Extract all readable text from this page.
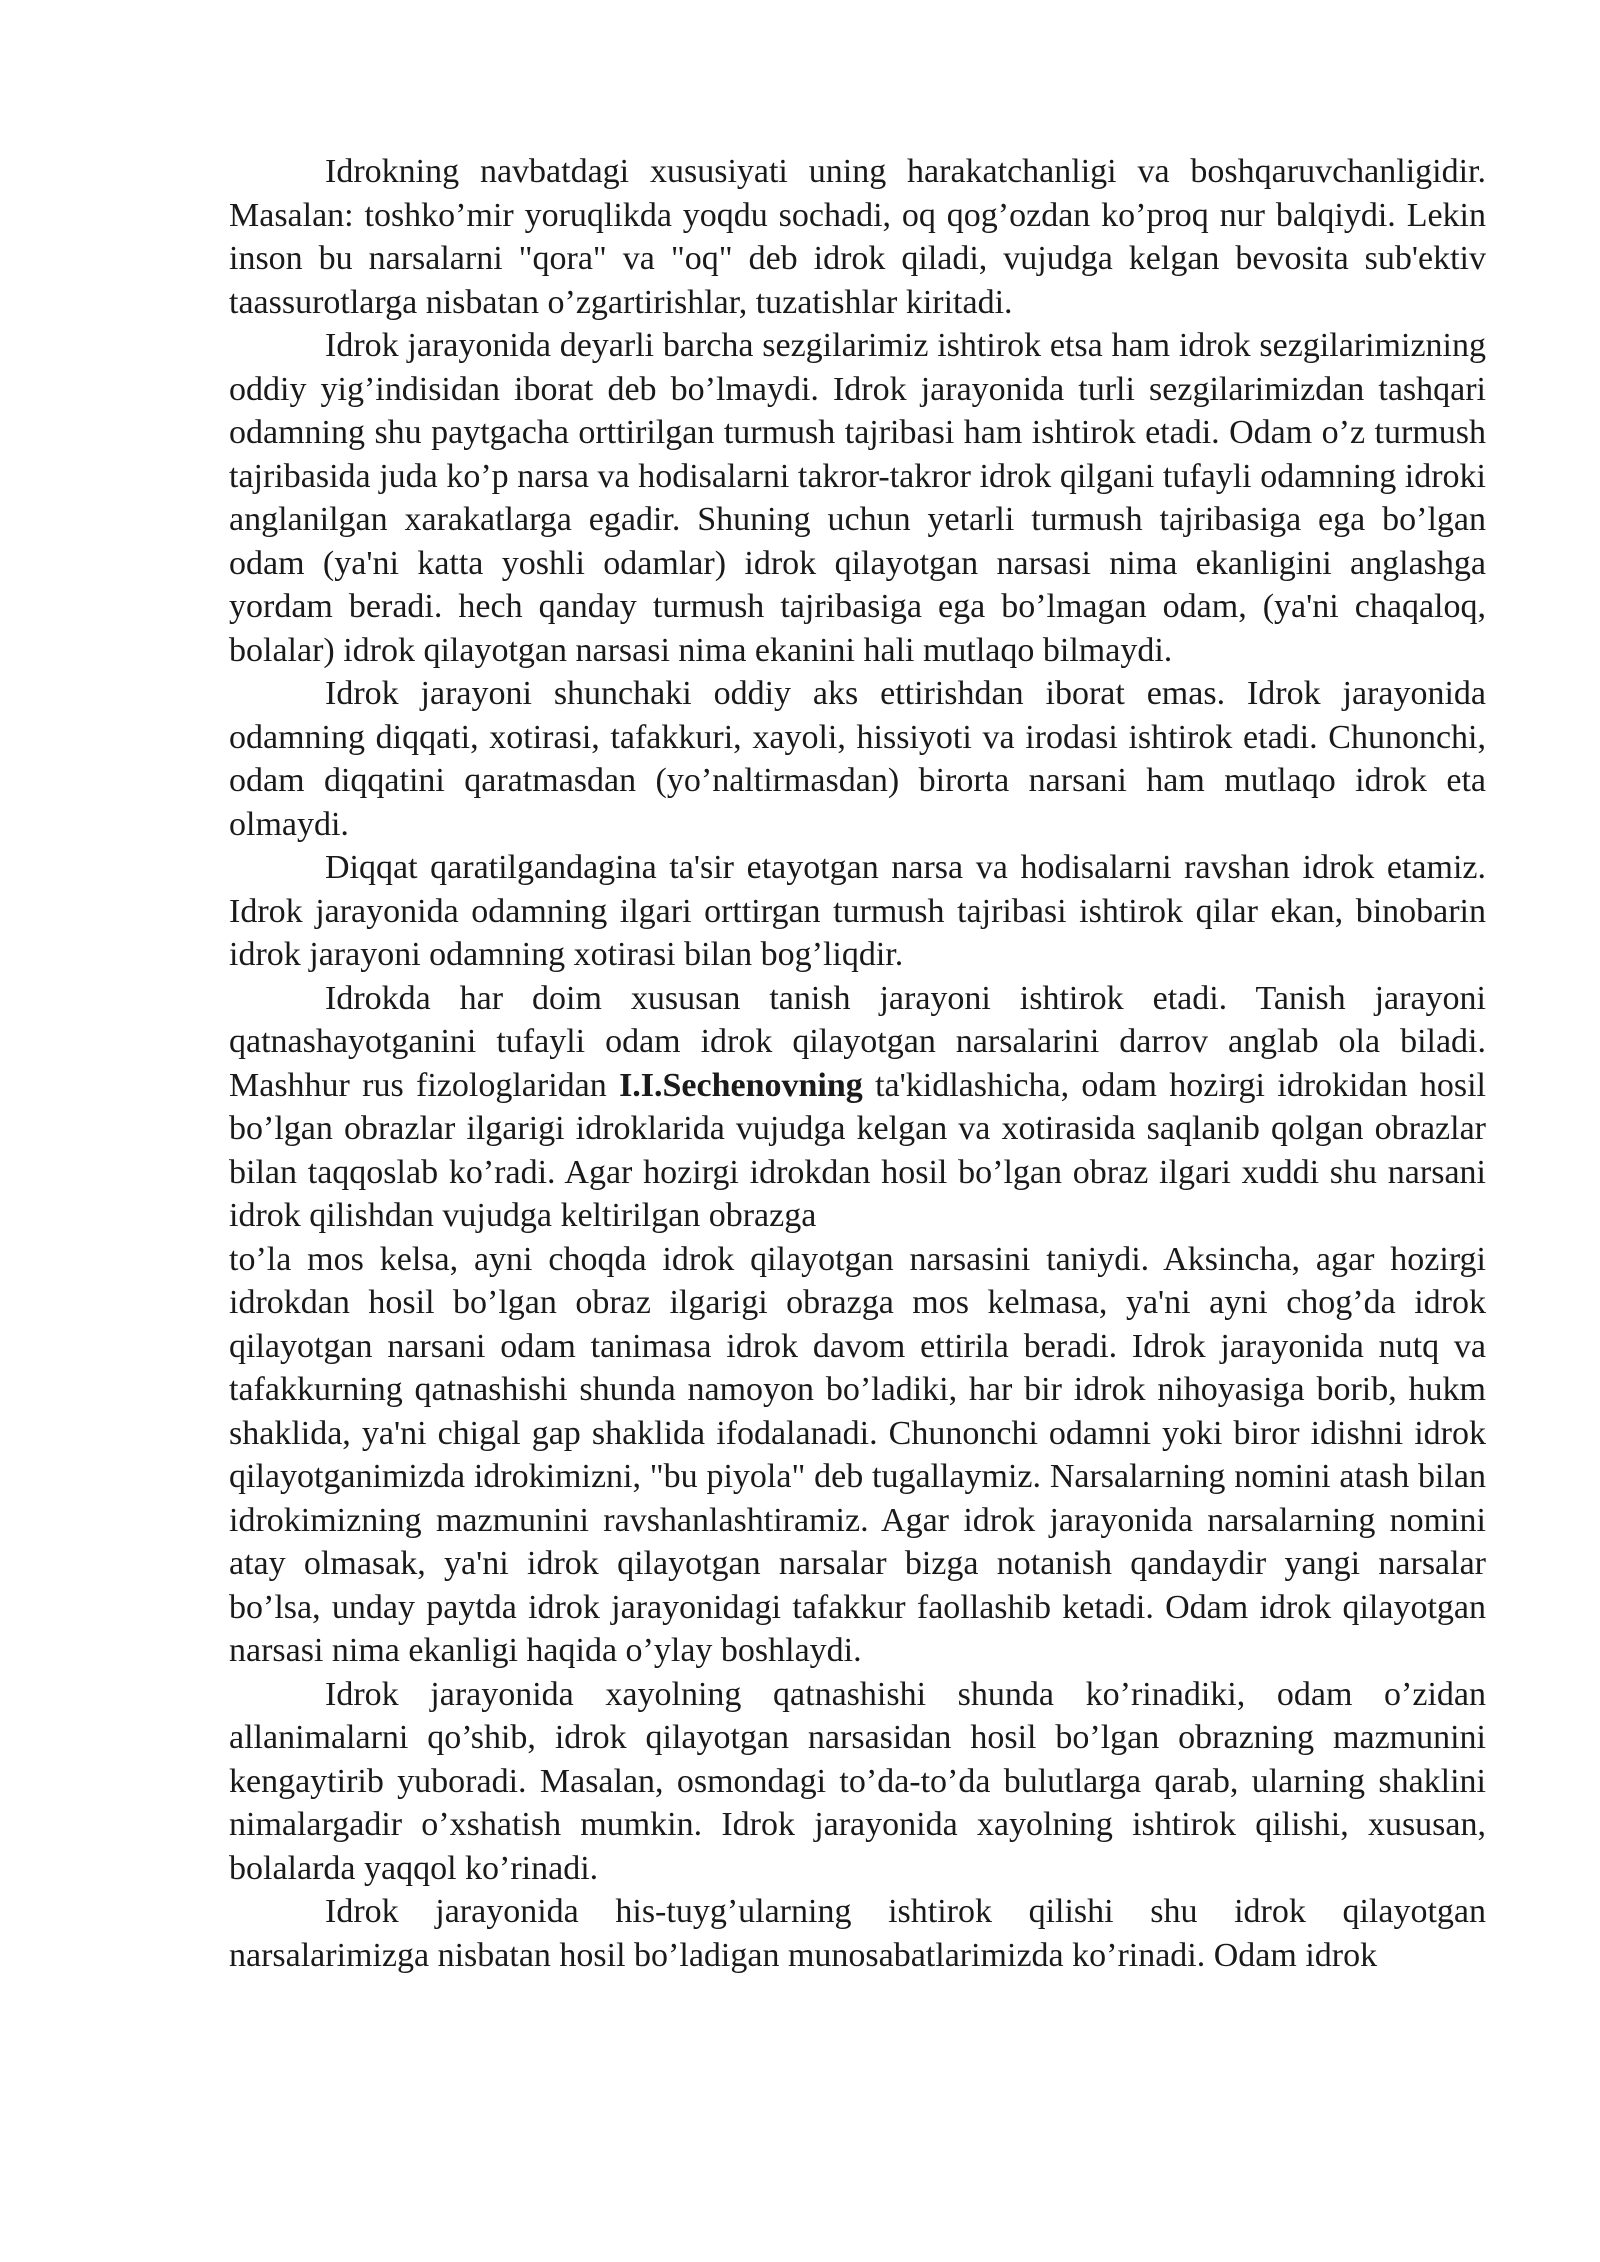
Idrokning navbatdagi xususiyati uning harakatchanligi va boshqaruvchanligidir. Masalan: toshko’mir yoruqlikda yoqdu sochadi, oq qog’ozdan ko’proq nur balqiydi. Lekin inson bu narsalarni "qora" va "oq" deb idrok qiladi, vujudga kelgan bevosita sub'ektiv taassurotlarga nisbatan o’zgartirishlar, tuzatishlar kiritadi.

Idrok jarayonida deyarli barcha sezgilarimiz ishtirok etsa ham idrok sezgilarimizning oddiy yig’indisidan iborat deb bo’lmaydi. Idrok jarayonida turli sezgilarimizdan tashqari odamning shu paytgacha orttirilgan turmush tajribasi ham ishtirok etadi. Odam o’z turmush tajribasida juda ko’p narsa va hodisalarni takror-takror idrok qilgani tufayli odamning idroki anglanilgan xarakatlarga egadir. Shuning uchun yetarli turmush tajribasiga ega bo’lgan odam (ya'ni katta yoshli odamlar) idrok qilayotgan narsasi nima ekanligini anglashga yordam beradi. hech qanday turmush tajribasiga ega bo’lmagan odam, (ya'ni chaqaloq, bolalar) idrok qilayotgan narsasi nima ekanini hali mutlaqo bilmaydi.

Idrok jarayoni shunchaki oddiy aks ettirishdan iborat emas. Idrok jarayonida odamning diqqati, xotirasi, tafakkuri, xayoli, hissiyoti va irodasi ishtirok etadi. Chunonchi, odam diqqatini qaratmasdan (yo’naltirmasdan) birorta narsani ham mutlaqo idrok eta olmaydi.

Diqqat qaratilgandagina ta'sir etayotgan narsa va hodisalarni ravshan idrok etamiz. Idrok jarayonida odamning ilgari orttirgan turmush tajribasi ishtirok qilar ekan, binobarin idrok jarayoni odamning xotirasi bilan bog’liqdir.

Idrokda har doim xususan tanish jarayoni ishtirok etadi. Tanish jarayoni qatnashayotganini tufayli odam idrok qilayotgan narsalarini darrov anglab ola biladi. Mashhur rus fizologlaridan I.I.Sechenovning ta'kidlashicha, odam hozirgi idrokidan hosil bo’lgan obrazlar ilgarigi idroklarida vujudga kelgan va xotirasida saqlanib qolgan obrazlar bilan taqqoslab ko’radi. Agar hozirgi idrokdan hosil bo’lgan obraz ilgari xuddi shu narsani idrok qilishdan vujudga keltirilgan obrazga

to’la mos kelsa, ayni choqda idrok qilayotgan narsasini taniydi. Aksincha, agar hozirgi idrokdan hosil bo’lgan obraz ilgarigi obrazga mos kelmasa, ya'ni ayni chog’da idrok qilayotgan narsani odam tanimasa idrok davom ettirila beradi. Idrok jarayonida nutq va tafakkurning qatnashishi shunda namoyon bo’ladiki, har bir idrok nihoyasiga borib, hukm shaklida, ya'ni chigal gap shaklida ifodalanadi. Chunonchi odamni yoki biror idishni idrok qilayotganimizda idrokimizni, "bu piyola" deb tugallaymiz. Narsalarning nomini atash bilan idrokimizning mazmunini ravshanlashtiramiz. Agar idrok jarayonida narsalarning nomini atay olmasak, ya'ni idrok qilayotgan narsalar bizga notanish qandaydir yangi narsalar bo’lsa, unday paytda idrok jarayonidagi tafakkur faollashib ketadi. Odam idrok qilayotgan narsasi nima ekanligi haqida o’ylay boshlaydi.

Idrok jarayonida xayolning qatnashishi shunda ko’rinadiki, odam o’zidan allanimalarni qo’shib, idrok qilayotgan narsasidan hosil bo’lgan obrazning mazmunini kengaytirib yuboradi. Masalan, osmondagi to’da-to’da bulutlarga qarab, ularning shaklini nimalargadir o’xshatish mumkin. Idrok jarayonida xayolning ishtirok qilishi, xususan, bolalarda yaqqol ko’rinadi.

Idrok jarayonida his-tuyg’ularning ishtirok qilishi shu idrok qilayotgan narsalarimizga nisbatan hosil bo’ladigan munosabatlarimizda ko’rinadi. Odam idrok
